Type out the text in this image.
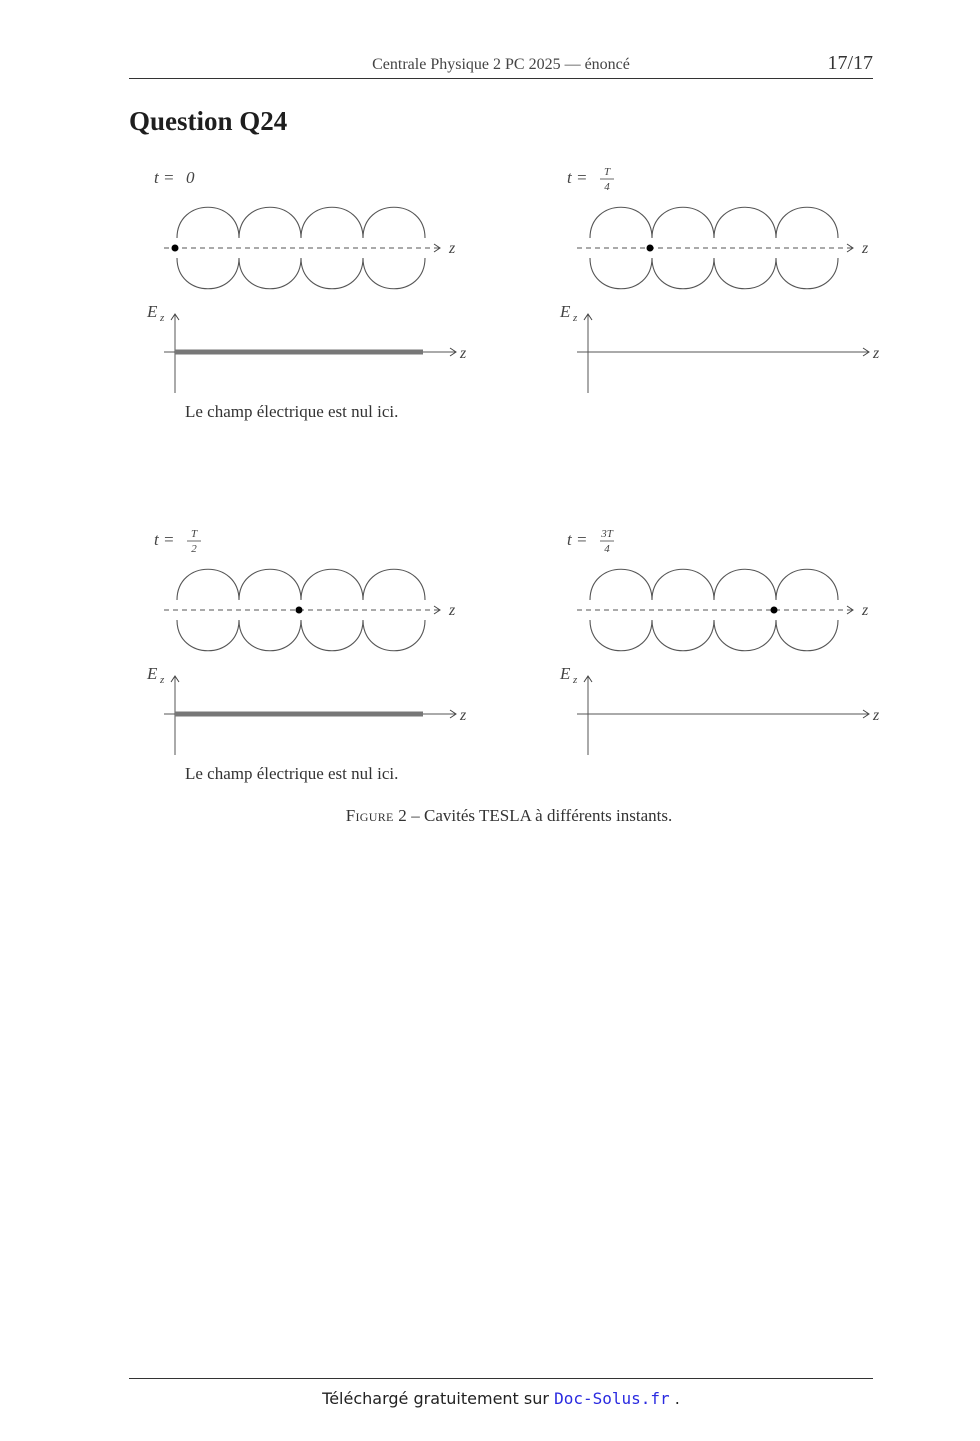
Centrale Physique 2 PC 2025 — énoncé	17/17
Question Q24
t = 0
z
z
E z
Le champ électrique est nul ici.
t = T
4
z
z
E z
t = T
2
z
z
E z
Le champ électrique est nul ici.
t = 3T
4
z
z
E z
Figure 2 – Cavités TESLA à différents instants.
Téléchargé gratuitement sur Doc-Solus.fr .
